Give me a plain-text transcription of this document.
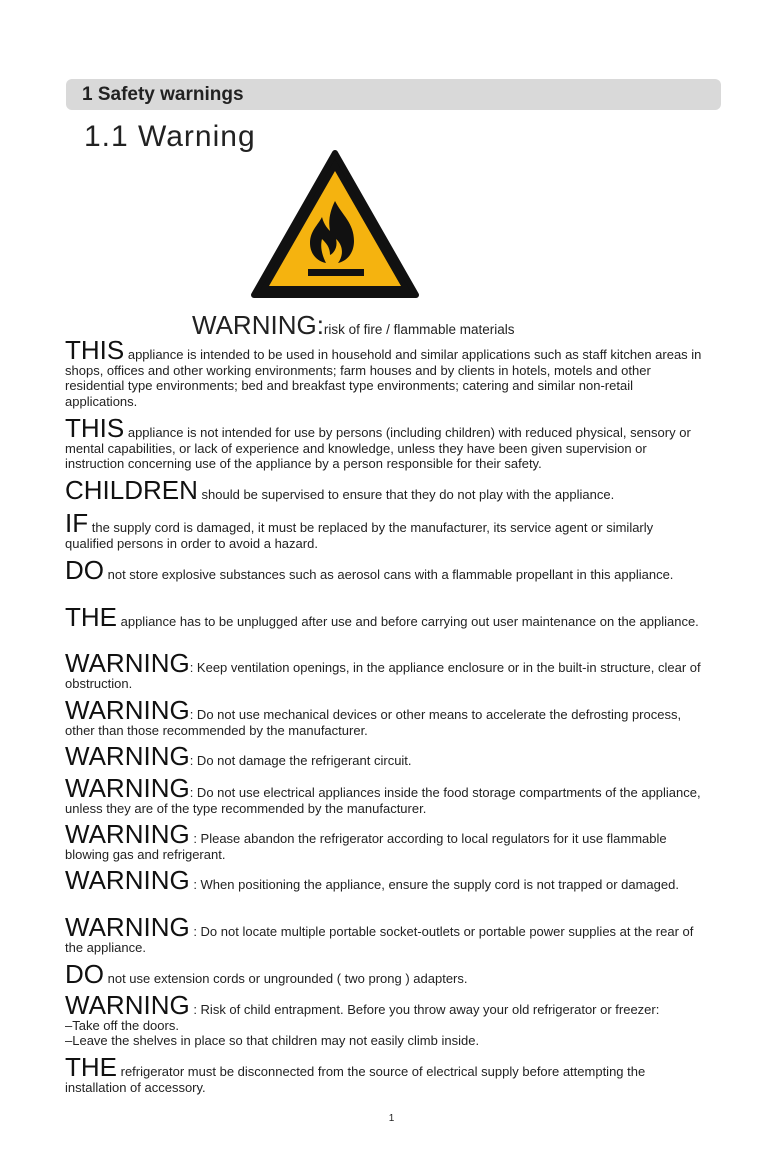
1 Safety warnings
1.1 Warning
WARNING:risk of fire / flammable materials
THIS appliance is intended to be used in household and similar applications such as staff kitchen areas in shops, offices and other working environments; farm houses and by clients in hotels, motels and other residential type environments; bed and breakfast type environments; catering and similar non-retail applications.
THIS appliance is not intended for use by persons (including children) with reduced physical, sensory or mental capabilities, or lack of experience and knowledge, unless they have been given supervision or instruction concerning use of the appliance by a person responsible for their safety.
CHILDREN should be supervised to ensure that they do not play with the appliance.
IF the supply cord is damaged, it must be replaced by the manufacturer, its service agent or similarly qualified persons in order to avoid a hazard.
DO not store explosive substances such as aerosol cans with a flammable propellant in this appliance.
THE appliance has to be unplugged after use and before carrying out user maintenance on the appliance.
WARNING: Keep ventilation openings, in the appliance enclosure or in the built-in structure, clear of obstruction.
WARNING: Do not use mechanical devices or other means to accelerate the defrosting process, other than those recommended by the manufacturer.
WARNING: Do not damage the refrigerant circuit.
WARNING: Do not use electrical appliances inside the food storage compartments of the appliance, unless they are of the type recommended by the manufacturer.
WARNING : Please abandon the refrigerator according to local regulators for it use flammable blowing gas and refrigerant.
WARNING : When positioning the appliance, ensure the supply cord is not trapped or damaged.
WARNING : Do not locate multiple portable socket-outlets or portable power supplies at the rear of the appliance.
DO not use extension cords or ungrounded ( two prong ) adapters.
WARNING : Risk of child entrapment. Before you throw away your old refrigerator or freezer:
–Take off the doors.
–Leave the shelves in place so that children may not easily climb inside.
THE refrigerator must be disconnected from the source of electrical supply before attempting the installation of accessory.
1
